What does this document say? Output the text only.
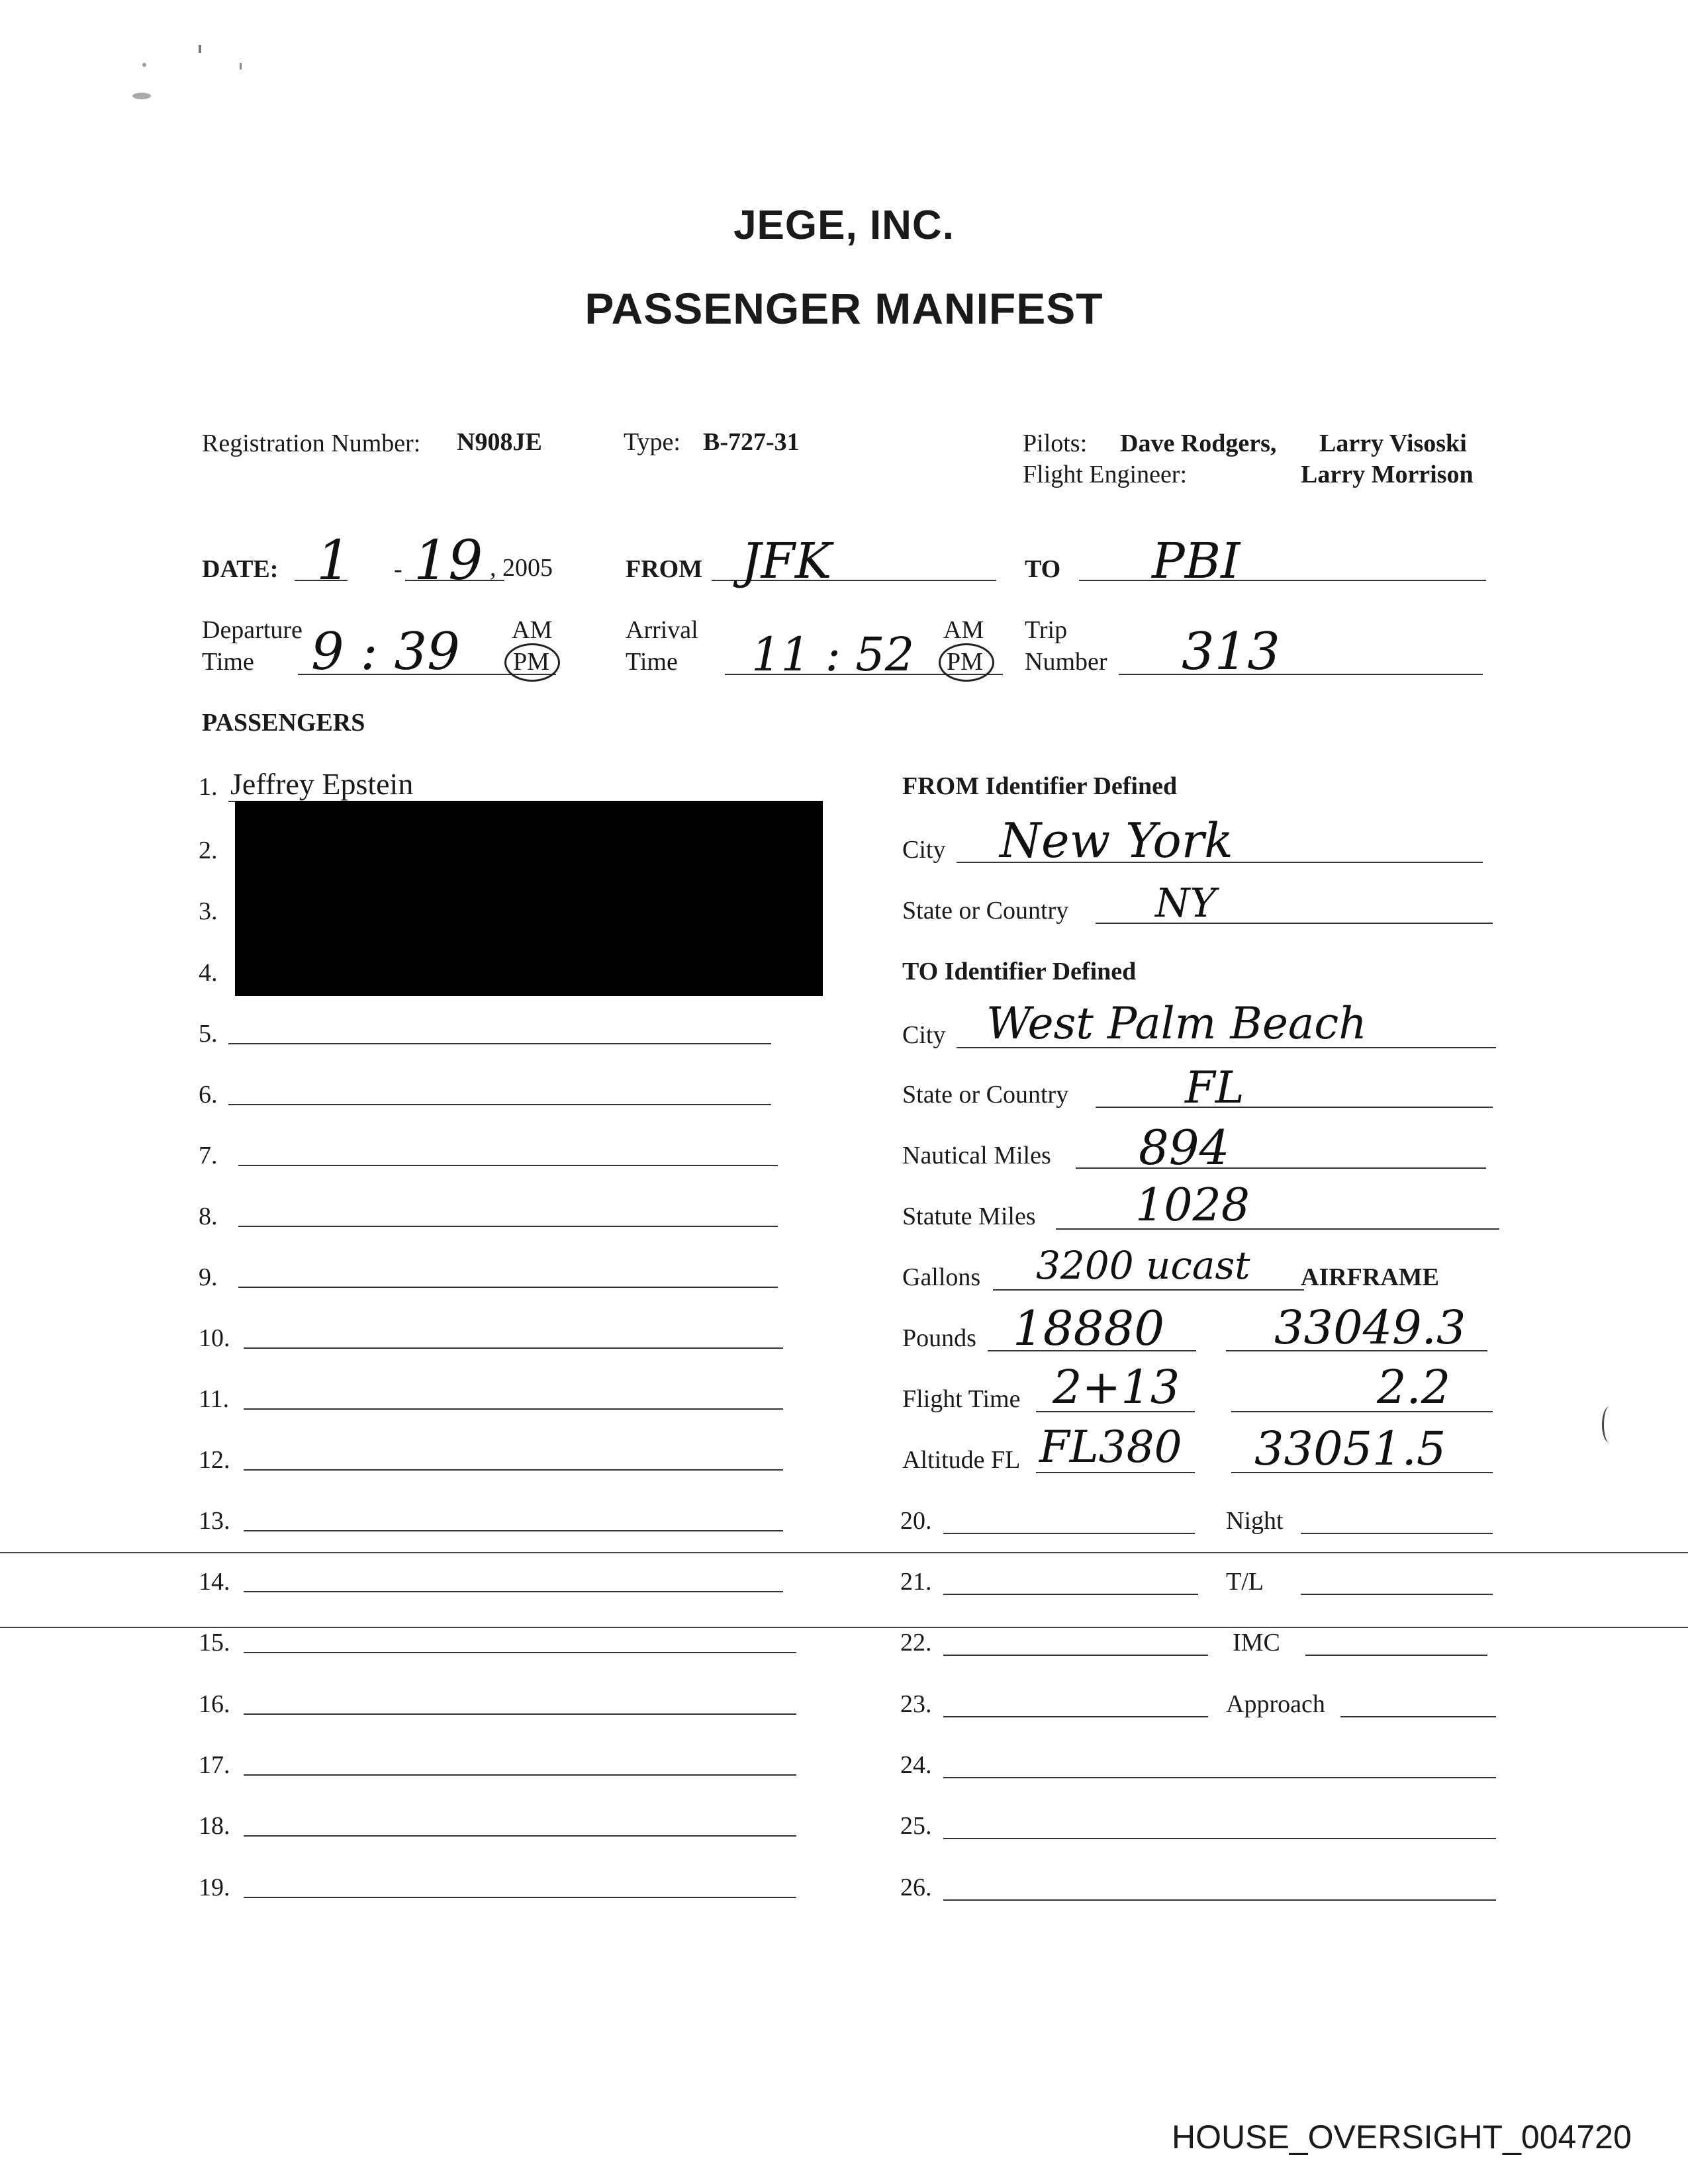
JEGE, INC.
PASSENGER MANIFEST
Registration Number: N908JE	Type: B-727-31	Pilots: Dave Rodgers, Larry Visoski
Flight Engineer:	Larry Morrison
DATE: 1 - 19 , 2005	FROM JFK	TO PBI
Departure
Time 9 : 39 AM
PM
Arrival
Time 11 : 52 AM
PM
Trip
Number 313
PASSENGERS
1. Jeffrey Epstein
2.
3.
4.
5.
6.
7.
8.
9.
10.
11.
12.
13.
14.
15.
16.
17.
18.
19.
FROM Identifier Defined
City New York
State or Country NY
TO Identifier Defined
City West Palm Beach
State or Country	FL
Nautical Miles 894
Statute Miles 1028
Gallons 3200 ucast AIRFRAME
Pounds 18880 33049.3
Flight Time 2+13	2.2
Altitude FL FL380 33051.5
20.	Night
21.	T/L
22.	IMC
23.	Approach
24.
25.
26.
HOUSE_OVERSIGHT_004720
